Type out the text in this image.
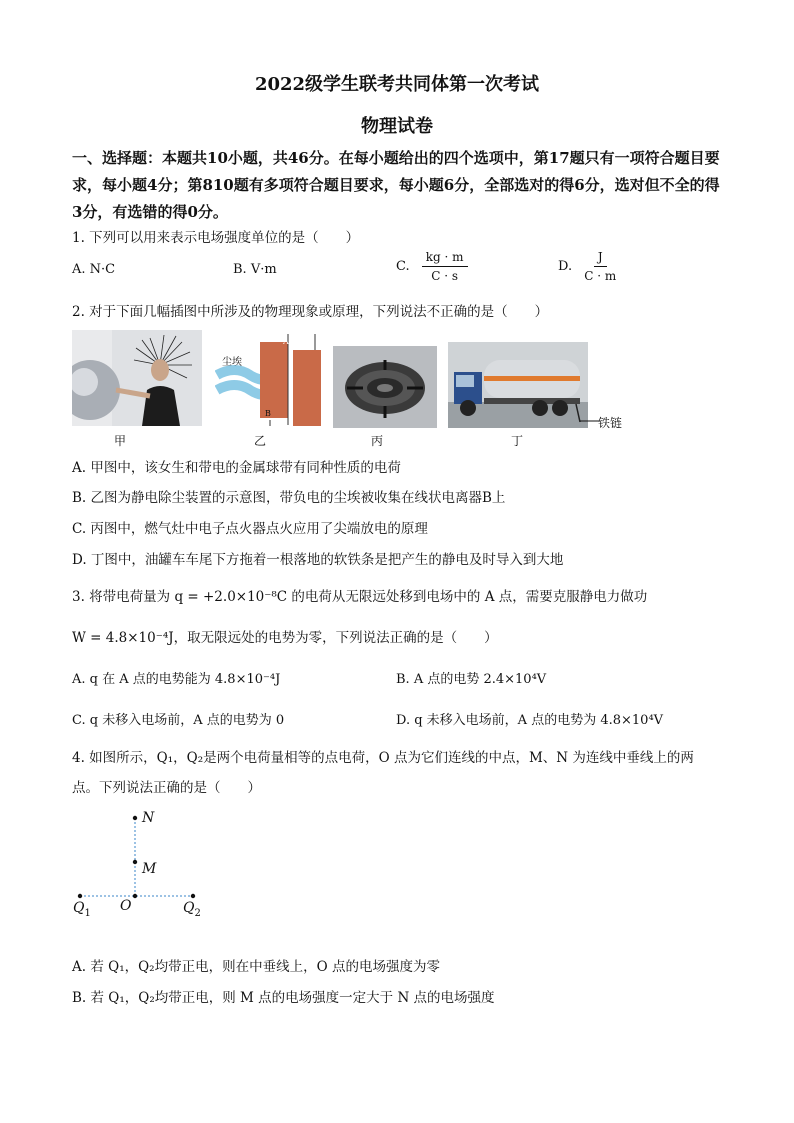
2022级学生联考共同体第一次考试
物理试卷
一、选择题：本题共10小题，共46分。在每小题给出的四个选项中，第17题只有一项符合题目要求，每小题4分；第810题有多项符合题目要求，每小题6分，全部选对的得6分，选对但不全的得3分，有选错的得0分。
1. 下列可以用来表示电场强度单位的是（　　）
A. N·C	B. V·m	C. $\frac{kg \cdot m}{C \cdot s}$	D. $\frac{J}{C \cdot m}$
2. 对于下面几幅插图中所涉及的物理现象或原理，下列说法不正确的是（　　）
甲
尘埃
A
B
乙	丙
铁链
丁
A. 甲图中，该女生和带电的金属球带有同种性质的电荷
B. 乙图为静电除尘装置的示意图，带负电的尘埃被收集在线状电离器B上
C. 丙图中，燃气灶中电子点火器点火应用了尖端放电的原理
D. 丁图中，油罐车车尾下方拖着一根落地的软铁条是把产生的静电及时导入到大地
3. 将带电荷量为 q = +2.0×10⁻⁸C 的电荷从无限远处移到电场中的 A 点，需要克服静电力做功
W = 4.8×10⁻⁴J，取无限远处的电势为零，下列说法正确的是（　　）
A. q 在 A 点的电势能为 4.8×10⁻⁴J	B. A 点的电势 2.4×10⁴V
C. q 未移入电场前，A 点的电势为 0	D. q 未移入电场前，A 点的电势为 4.8×10⁴V
4. 如图所示，Q₁，Q₂是两个电荷量相等的点电荷，O 点为它们连线的中点，M、N 为连线中垂线上的两
点。下列说法正确的是（　　）
N
M
O
$Q_1$	$Q_2$
A. 若 Q₁，Q₂均带正电，则在中垂线上，O 点的电场强度为零
B. 若 Q₁，Q₂均带正电，则 M 点的电场强度一定大于 N 点的电场强度
